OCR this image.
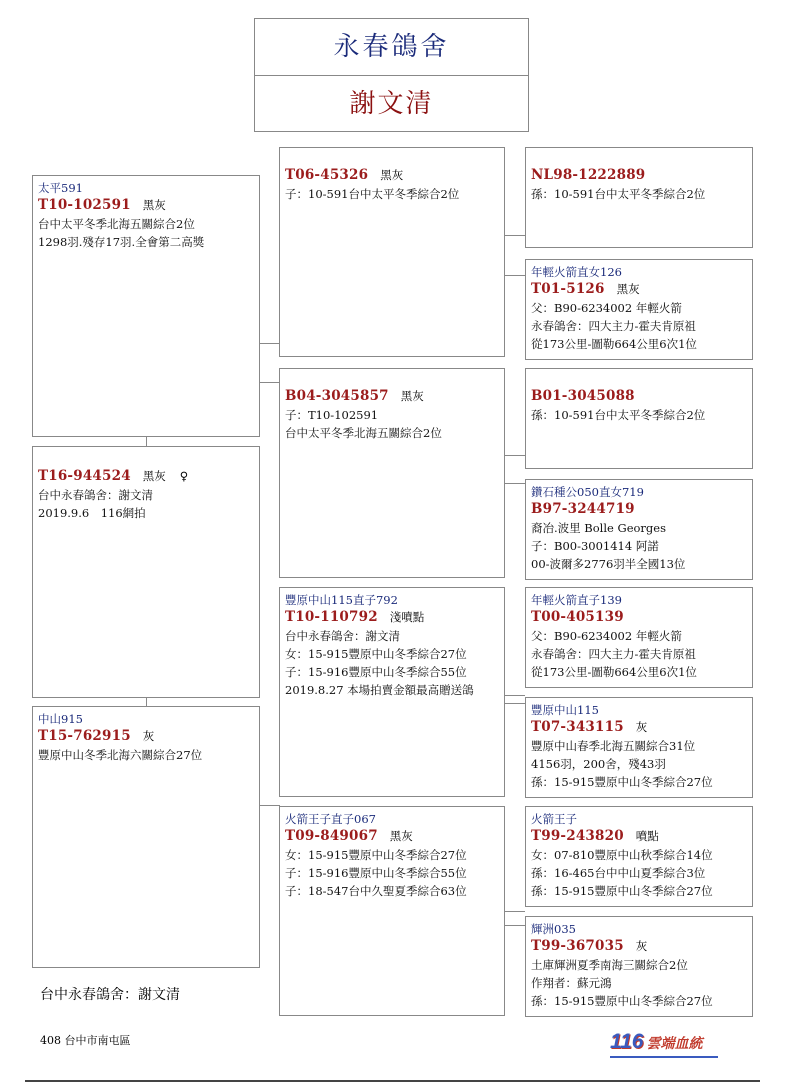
永春鴿舍
謝文清
太平591
T10-102591 黑灰
台中太平冬季北海五關綜合2位
1298羽.殘存17羽.全會第二高獎
T16-944524 黑灰 ♀
台中永春鴿舍：謝文清
2019.9.6　116網拍
中山915
T15-762915 灰
豐原中山冬季北海六關綜合27位
T06-45326 黑灰
子：10-591台中太平冬季綜合2位
B04-3045857 黑灰
子：T10-102591
台中太平冬季北海五關綜合2位
豐原中山115直子792
T10-110792 淺噴點
台中永春鴿舍：謝文清
女：15-915豐原中山冬季綜合27位
子：15-916豐原中山冬季綜合55位
2019.8.27 本場拍賣金額最高贈送鴿
火箭王子直子067
T09-849067 黑灰
女：15-915豐原中山冬季綜合27位
子：15-916豐原中山冬季綜合55位
子：18-547台中久聖夏季綜合63位
NL98-1222889
孫：10-591台中太平冬季綜合2位
年輕火箭直女126
T01-5126 黑灰
父：B90-6234002 年輕火箭
永春鴿舍：四大主力-霍夫肯原祖
從173公里-圖勒664公里6次1位
B01-3045088
孫：10-591台中太平冬季綜合2位
鑽石種公050直女719
B97-3244719
裔冶.波里 Bolle Georges
子：B00-3001414 阿諾
00-波爾多2776羽半全國13位
年輕火箭直子139
T00-405139
父：B90-6234002 年輕火箭
永春鴿舍：四大主力-霍夫肯原祖
從173公里-圖勒664公里6次1位
豐原中山115
T07-343115 灰
豐原中山春季北海五關綜合31位
4156羽，200舍，殘43羽
孫：15-915豐原中山冬季綜合27位
火箭王子
T99-243820 噴點
女：07-810豐原中山秋季綜合14位
孫：16-465台中中山夏季綜合3位
孫：15-915豐原中山冬季綜合27位
輝洲035
T99-367035 灰
土庫輝洲夏季南海三關綜合2位
作翔者：蘇元鴻
孫：15-915豐原中山冬季綜合27位
台中永春鴿舍：謝文清
408 台中市南屯區	116 雲端血統
